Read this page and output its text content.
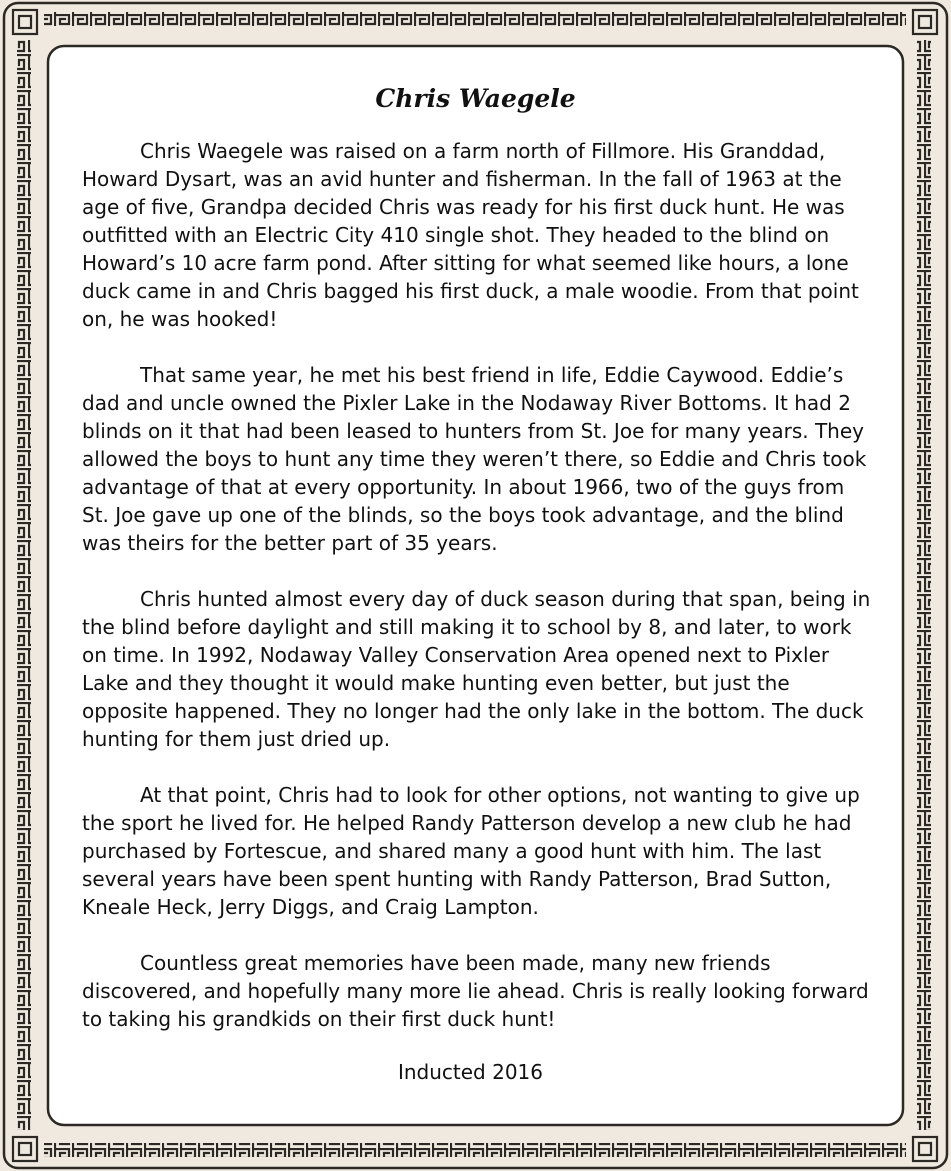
Chris Waegele

Chris Waegele was raised on a farm north of Fillmore. His Granddad, Howard Dysart, was an avid hunter and fisherman. In the fall of 1963 at the age of five, Grandpa decided Chris was ready for his first duck hunt. He was outfitted with an Electric City 410 single shot. They headed to the blind on Howard’s 10 acre farm pond. After sitting for what seemed like hours, a lone duck came in and Chris bagged his first duck, a male woodie. From that point on, he was hooked!

That same year, he met his best friend in life, Eddie Caywood. Eddie’s dad and uncle owned the Pixler Lake in the Nodaway River Bottoms. It had 2 blinds on it that had been leased to hunters from St. Joe for many years. They allowed the boys to hunt any time they weren’t there, so Eddie and Chris took advantage of that at every opportunity. In about 1966, two of the guys from St. Joe gave up one of the blinds, so the boys took advantage, and the blind was theirs for the better part of 35 years.

Chris hunted almost every day of duck season during that span, being in the blind before daylight and still making it to school by 8, and later, to work on time. In 1992, Nodaway Valley Conservation Area opened next to Pixler Lake and they thought it would make hunting even better, but just the opposite happened. They no longer had the only lake in the bottom. The duck hunting for them just dried up.

At that point, Chris had to look for other options, not wanting to give up the sport he lived for. He helped Randy Patterson develop a new club he had purchased by Fortescue, and shared many a good hunt with him. The last several years have been spent hunting with Randy Patterson, Brad Sutton, Kneale Heck, Jerry Diggs, and Craig Lampton.

Countless great memories have been made, many new friends discovered, and hopefully many more lie ahead. Chris is really looking forward to taking his grandkids on their first duck hunt!

Inducted 2016
